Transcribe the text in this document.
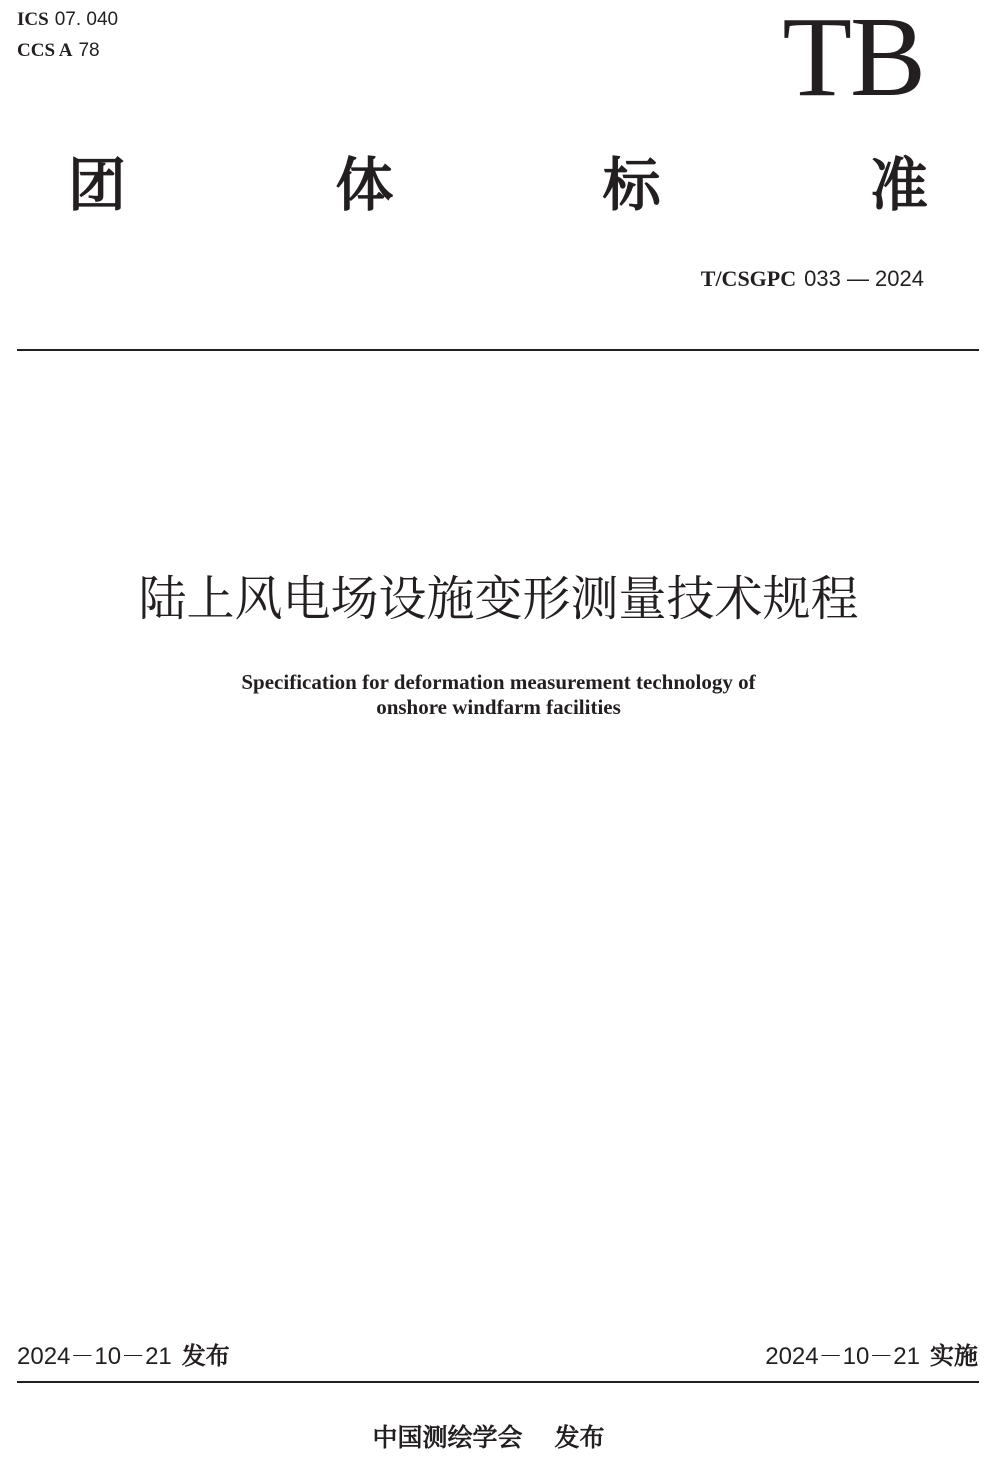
ICS 07. 040
CCS A 78	TB
团	体	标	准
T/CSGPC 033 — 2024
陆上风电场设施变形测量技术规程
Specification for deformation measurement technology of
onshore windfarm facilities
2024－10－21 发布	2024－10－21 实施
中国测绘学会 发布
